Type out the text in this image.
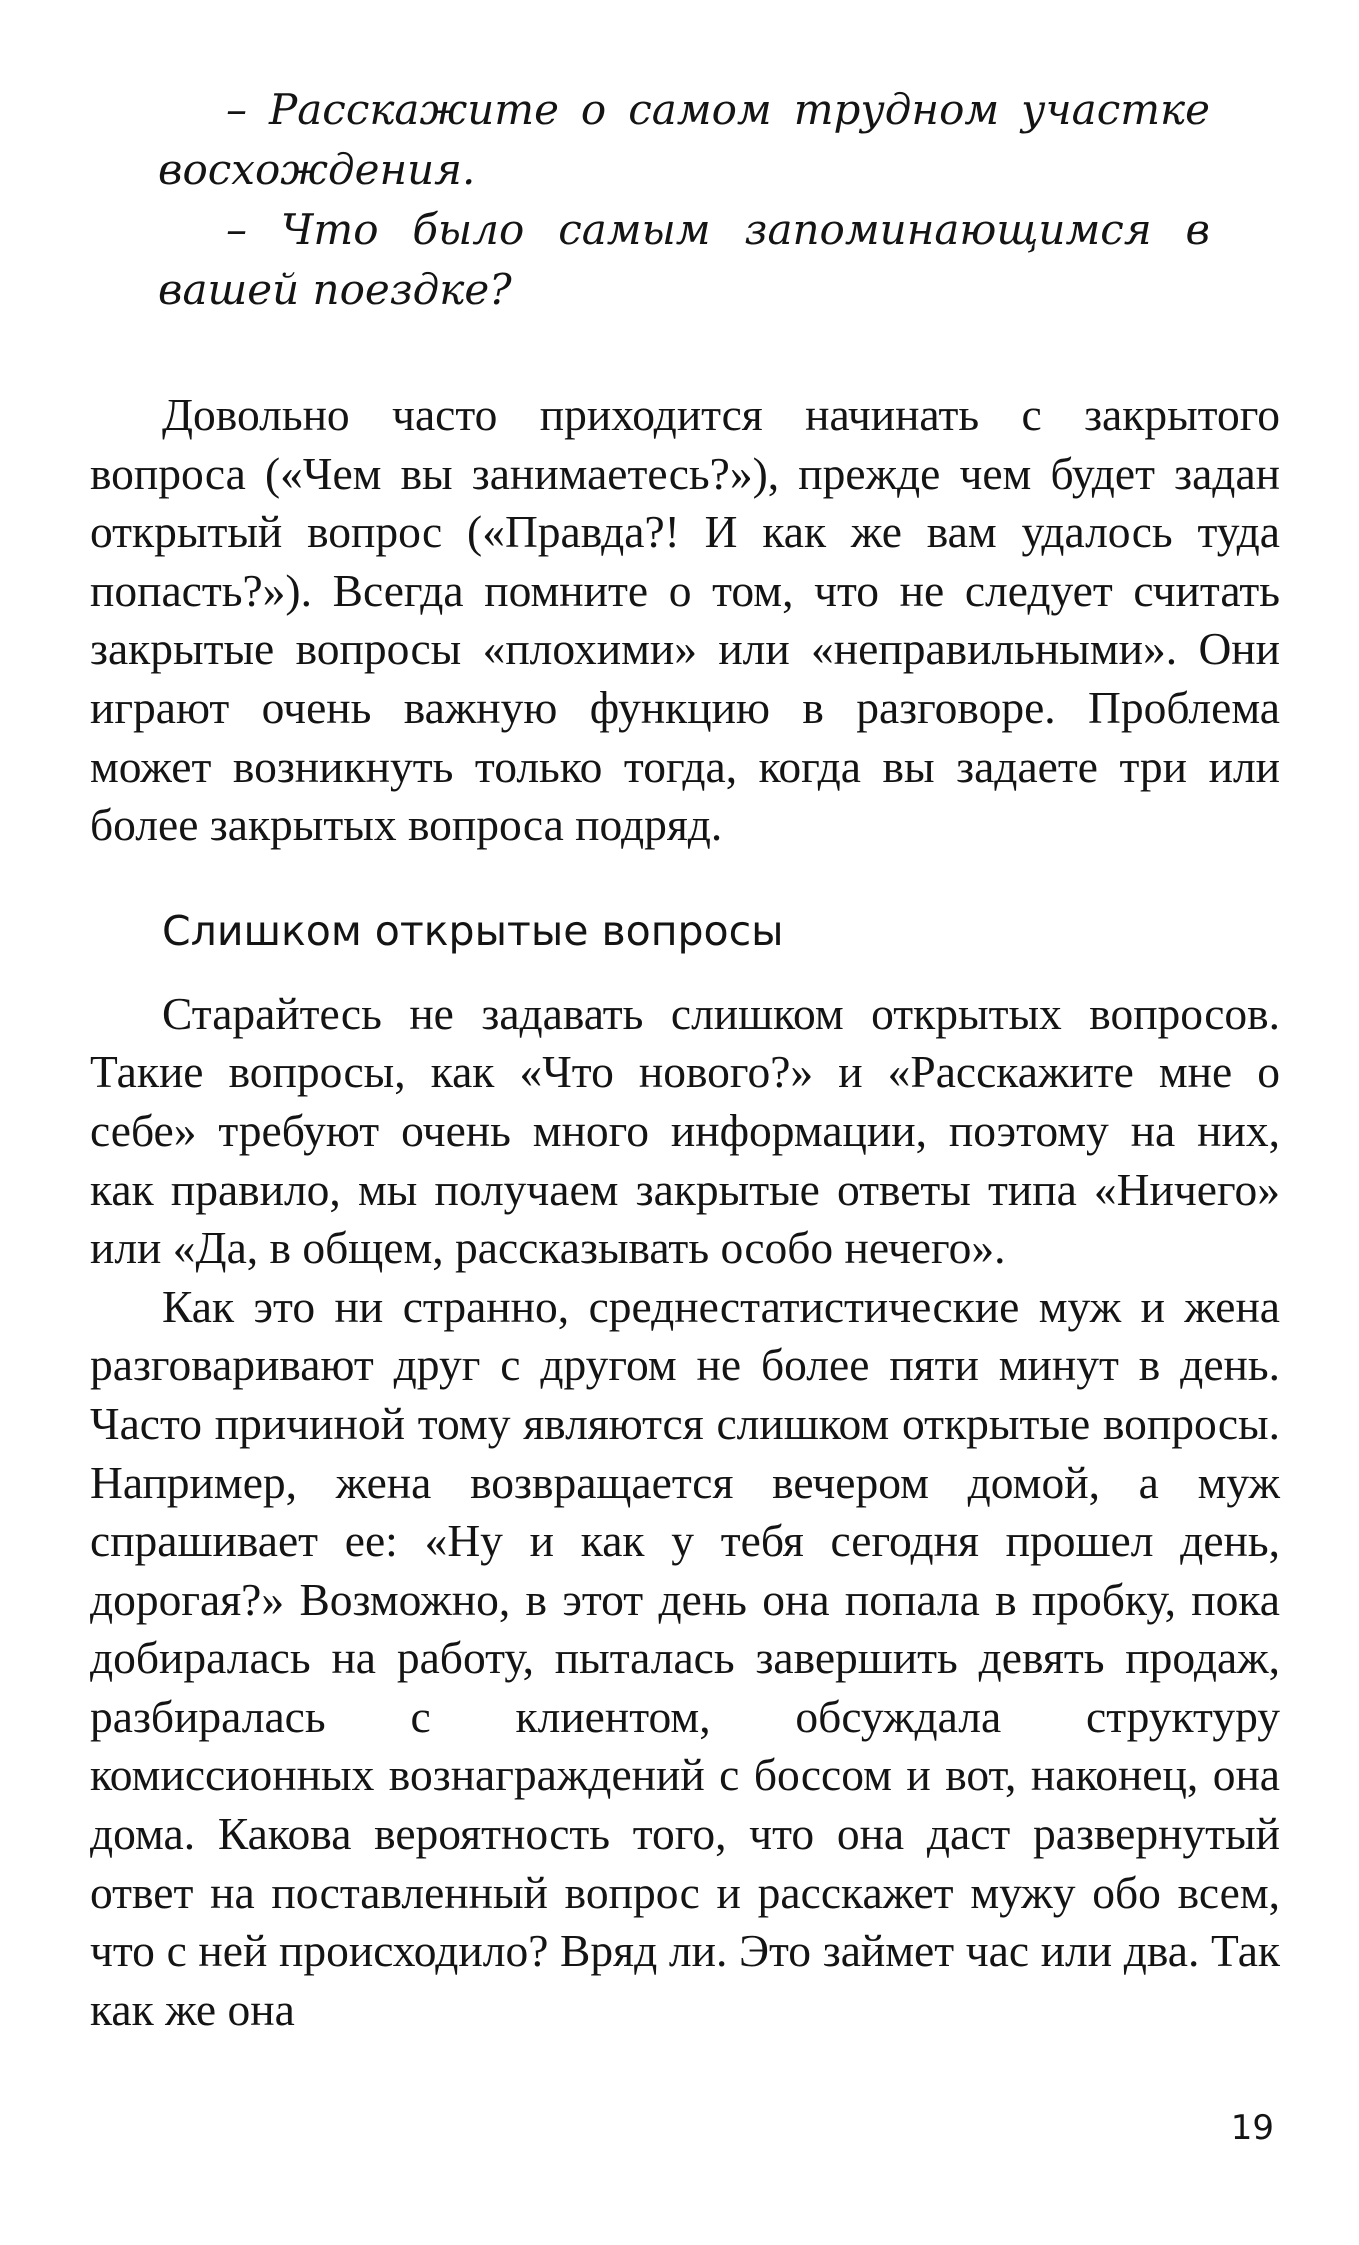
– Расскажите о самом трудном участке восхождения.

– Что было самым запоминающимся в вашей поездке?

Довольно часто приходится начинать с закрытого вопроса («Чем вы занимаетесь?»), прежде чем будет задан открытый вопрос («Правда?! И как же вам удалось туда попасть?»). Всегда помните о том, что не следует считать закрытые вопросы «плохими» или «неправильными». Они играют очень важную функцию в разговоре. Проблема может возникнуть только тогда, когда вы задаете три или более закрытых вопроса подряд.

Слишком открытые вопросы

Старайтесь не задавать слишком открытых вопросов. Такие вопросы, как «Что нового?» и «Расскажите мне о себе» требуют очень много информации, поэтому на них, как правило, мы получаем закрытые ответы типа «Ничего» или «Да, в общем, рассказывать особо нечего».

Как это ни странно, среднестатистические муж и жена разговаривают друг с другом не более пяти минут в день. Часто причиной тому являются слишком открытые вопросы. Например, жена возвращается вечером домой, а муж спрашивает ее: «Ну и как у тебя сегодня прошел день, дорогая?» Возможно, в этот день она попала в пробку, пока добиралась на работу, пыталась завершить девять продаж, разбиралась с клиентом, обсуждала структуру комиссионных вознаграждений с боссом и вот, наконец, она дома. Какова вероятность того, что она даст развернутый ответ на поставленный вопрос и расскажет мужу обо всем, что с ней происходило? Вряд ли. Это займет час или два. Так как же она

19
